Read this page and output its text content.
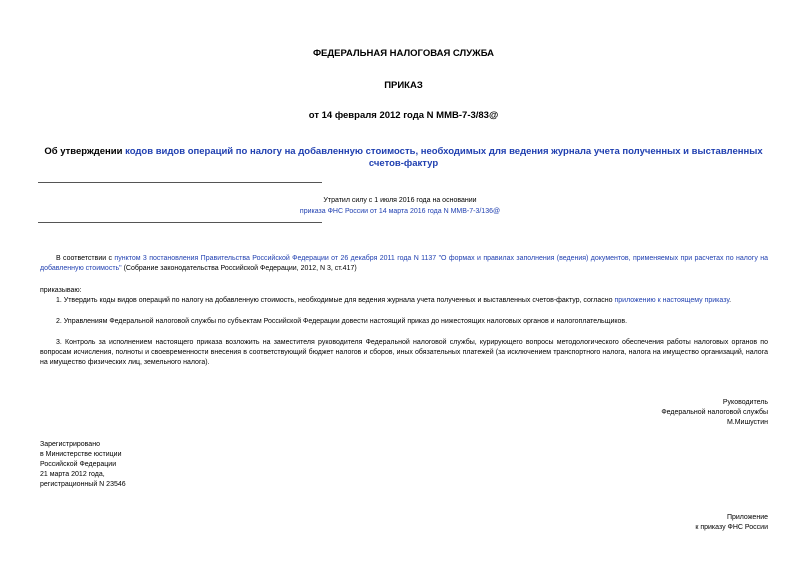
ФЕДЕРАЛЬНАЯ НАЛОГОВАЯ СЛУЖБА
ПРИКАЗ
от 14 февраля 2012 года N ММВ-7-3/83@
Об утверждении кодов видов операций по налогу на добавленную стоимость, необходимых для ведения журнала учета полученных и выставленных счетов-фактур
Утратил силу с 1 июля 2016 года на основании
приказа ФНС России от 14 марта 2016 года N ММВ-7-3/136@
В соответствии с пунктом 3 постановления Правительства Российской Федерации от 26 декабря 2011 года N 1137 "О формах и правилах заполнения (ведения) документов, применяемых при расчетах по налогу на добавленную стоимость" (Собрание законодательства Российской Федерации, 2012, N 3, ст.417)
приказываю:
1. Утвердить коды видов операций по налогу на добавленную стоимость, необходимые для ведения журнала учета полученных и выставленных счетов-фактур, согласно приложению к настоящему приказу.
2. Управлениям Федеральной налоговой службы по субъектам Российской Федерации довести настоящий приказ до нижестоящих налоговых органов и налогоплательщиков.
3. Контроль за исполнением настоящего приказа возложить на заместителя руководителя Федеральной налоговой службы, курирующего вопросы методологического обеспечения работы налоговых органов по вопросам исчисления, полноты и своевременности внесения в соответствующий бюджет налогов и сборов, иных обязательных платежей (за исключением транспортного налога, налога на имущество организаций, налога на имущество физических лиц, земельного налога).
Руководитель
Федеральной налоговой службы
М.Мишустин
Зарегистрировано
в Министерстве юстиции
Российской Федерации
21 марта 2012 года,
регистрационный N 23546
Приложение
к приказу ФНС России
